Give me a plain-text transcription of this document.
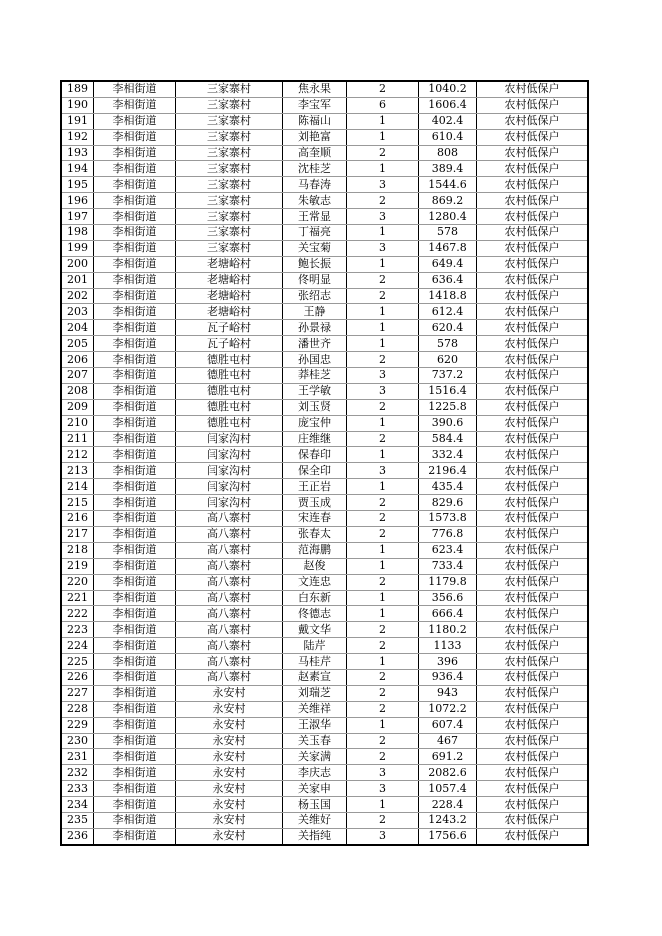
189	李相街道	三家寨村	焦永果	2	1040.2	农村低保户
190	李相街道	三家寨村	李宝军	6	1606.4	农村低保户
191	李相街道	三家寨村	陈福山	1	402.4	农村低保户
192	李相街道	三家寨村	刘艳富	1	610.4	农村低保户
193	李相街道	三家寨村	高奎顺	2	808	农村低保户
194	李相街道	三家寨村	沈桂芝	1	389.4	农村低保户
195	李相街道	三家寨村	马春涛	3	1544.6	农村低保户
196	李相街道	三家寨村	朱敏志	2	869.2	农村低保户
197	李相街道	三家寨村	王常显	3	1280.4	农村低保户
198	李相街道	三家寨村	丁福亮	1	578	农村低保户
199	李相街道	三家寨村	关宝菊	3	1467.8	农村低保户
200	李相街道	老塘峪村	鲍长振	1	649.4	农村低保户
201	李相街道	老塘峪村	佟明显	2	636.4	农村低保户
202	李相街道	老塘峪村	张绍志	2	1418.8	农村低保户
203	李相街道	老塘峪村	王静	1	612.4	农村低保户
204	李相街道	瓦子峪村	孙景禄	1	620.4	农村低保户
205	李相街道	瓦子峪村	潘世齐	1	578	农村低保户
206	李相街道	德胜屯村	孙国忠	2	620	农村低保户
207	李相街道	德胜屯村	莽桂芝	3	737.2	农村低保户
208	李相街道	德胜屯村	王学敏	3	1516.4	农村低保户
209	李相街道	德胜屯村	刘玉贤	2	1225.8	农村低保户
210	李相街道	德胜屯村	庞宝仲	1	390.6	农村低保户
211	李相街道	闫家沟村	庄维继	2	584.4	农村低保户
212	李相街道	闫家沟村	保春印	1	332.4	农村低保户
213	李相街道	闫家沟村	保全印	3	2196.4	农村低保户
214	李相街道	闫家沟村	王正岩	1	435.4	农村低保户
215	李相街道	闫家沟村	贾玉成	2	829.6	农村低保户
216	李相街道	高八寨村	宋连春	2	1573.8	农村低保户
217	李相街道	高八寨村	张春太	2	776.8	农村低保户
218	李相街道	高八寨村	范海鹏	1	623.4	农村低保户
219	李相街道	高八寨村	赵俊	1	733.4	农村低保户
220	李相街道	高八寨村	文连忠	2	1179.8	农村低保户
221	李相街道	高八寨村	白东新	1	356.6	农村低保户
222	李相街道	高八寨村	佟德志	1	666.4	农村低保户
223	李相街道	高八寨村	戴文华	2	1180.2	农村低保户
224	李相街道	高八寨村	陆芹	2	1133	农村低保户
225	李相街道	高八寨村	马桂芹	1	396	农村低保户
226	李相街道	高八寨村	赵素宣	2	936.4	农村低保户
227	李相街道	永安村	刘瑞芝	2	943	农村低保户
228	李相街道	永安村	关维祥	2	1072.2	农村低保户
229	李相街道	永安村	王淑华	1	607.4	农村低保户
230	李相街道	永安村	关玉春	2	467	农村低保户
231	李相街道	永安村	关家满	2	691.2	农村低保户
232	李相街道	永安村	李庆志	3	2082.6	农村低保户
233	李相街道	永安村	关家申	3	1057.4	农村低保户
234	李相街道	永安村	杨玉国	1	228.4	农村低保户
235	李相街道	永安村	关维好	2	1243.2	农村低保户
236	李相街道	永安村	关指纯	3	1756.6	农村低保户
